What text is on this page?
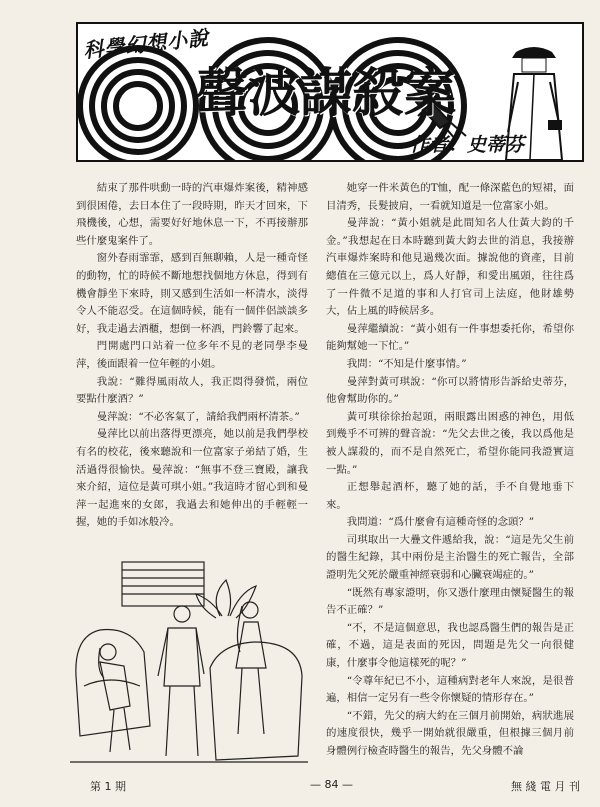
科學幻想小說
聲波謀殺案
作者：史蒂芬

結束了那件哄動一時的汽車爆炸案後，精神感到很困倦，去日本住了一段時期，昨天才回來，下飛機後，心想，需要好好地休息一下，不再接辦那些什麼鬼案件了。

窗外春雨霏霏，感到百無聊賴，人是一種奇怪的動物，忙的時候不斷地想找個地方休息，得到有機會靜坐下來時，則又感到生活如一杯清水，淡得令人不能忍受。在這個時候，能有一個伴侶談談多好，我走過去酒櫃，想倒一杯酒，門鈴響了起來。

門開處門口站着一位多年不見的老同學李曼萍，後面跟着一位年輕的小姐。

我說：“難得風雨故人，我正悶得發慌，兩位要點什麼酒？”

曼萍說：“不必客氣了，請給我們兩杯清茶。”

曼萍比以前出落得更漂亮，她以前是我們學校有名的校花，後來聽說和一位富家子弟結了婚，生活過得很愉快。曼萍說：“無事不登三寶殿，讓我來介紹，這位是黃可琪小姐。”我這時才留心到和曼萍一起進來的女郎，我過去和她伸出的手輕輕一握，她的手如冰般冷。

她穿一件米黃色的T恤，配一條深藍色的短裙，面目清秀，長髮披肩，一看就知道是一位富家小姐。

曼萍說：“黃小姐就是此間知名人仕黃大鈞的千金。”我想起在日本時聽到黃大鈞去世的消息，我接辦汽車爆炸案時和他見過幾次面。據說他的資產，目前總值在三億元以上，爲人好靜，和愛出風頭，往往爲了一件微不足道的事和人打官司上法庭，他財雄勢大，佔上風的時候居多。

曼萍繼續說：“黃小姐有一件事想委托你，希望你能夠幫她一下忙。”

我問：“不知是什麼事情。”

曼萍對黃可琪說：“你可以將情形告訴給史蒂芬，他會幫助你的。”

黃可琪徐徐抬起頭，兩眼露出困惑的神色，用低到幾乎不可辨的聲音說：“先父去世之後，我以爲他是被人謀殺的，而不是自然死亡，希望你能同我證實這一點。”

正想舉起酒杯，聽了她的話，手不自覺地垂下來。

我問道：“爲什麼會有這種奇怪的念頭？”

司琪取出一大疊文件遞給我，說：“這是先父生前的醫生紀錄，其中兩份是主治醫生的死亡報告，全部證明先父死於嚴重神經衰弱和心臟衰竭症的。”

“既然有專家證明，你又憑什麼理由懷疑醫生的報告不正確？”

“不，不是這個意思，我也認爲醫生們的報告是正確，不過，這是表面的死因，問題是先父一向很健康，什麼事令他這樣死的呢？”

“令尊年紀已不小，這種病對老年人來說，是很普遍，相信一定另有一些令你懷疑的情形存在。”

“不錯，先父的病大約在三個月前開始，病狀進展的速度很快，幾乎一開始就很嚴重，但根據三個月前身體例行檢查時醫生的報告，先父身體不論

第 1 期	— 84 —	無 綫 電 月 刊
